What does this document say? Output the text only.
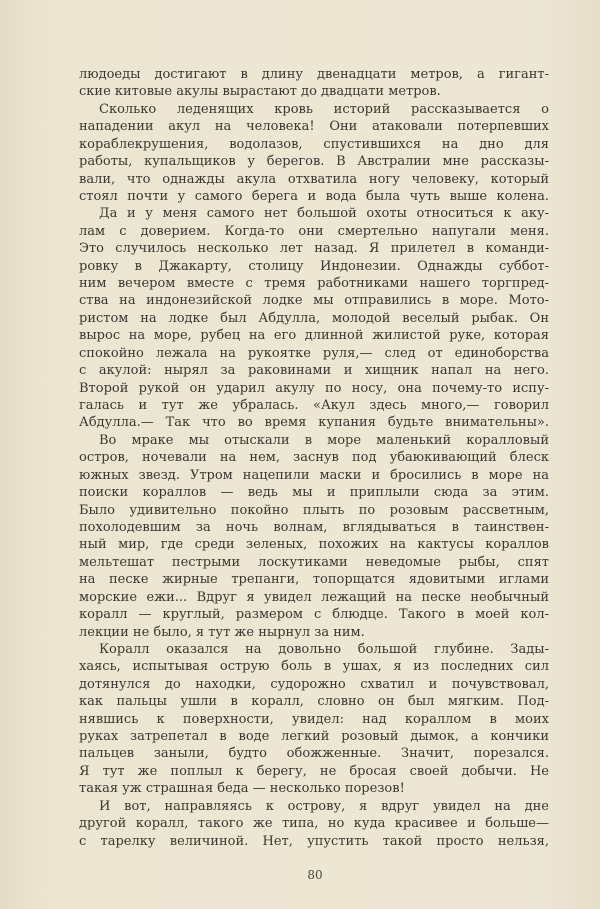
людоеды достигают в длину двенадцати метров, а гигант-
ские китовые акулы вырастают до двадцати метров.
Сколько леденящих кровь историй рассказывается о
нападении акул на человека! Они атаковали потерпевших
кораблекрушения, водолазов, спустившихся на дно для
работы, купальщиков у берегов. В Австралии мне рассказы-
вали, что однажды акула отхватила ногу человеку, который
стоял почти у самого берега и вода была чуть выше колена.
Да и у меня самого нет большой охоты относиться к аку-
лам с доверием. Когда-то они смертельно напугали меня.
Это случилось несколько лет назад. Я прилетел в команди-
ровку в Джакарту, столицу Индонезии. Однажды суббот-
ним вечером вместе с тремя работниками нашего торгпред-
ства на индонезийской лодке мы отправились в море. Мото-
ристом на лодке был Абдулла, молодой веселый рыбак. Он
вырос на море, рубец на его длинной жилистой руке, которая
спокойно лежала на рукоятке руля,— след от единоборства
с акулой: нырял за раковинами и хищник напал на него.
Второй рукой он ударил акулу по носу, она почему-то испу-
галась и тут же убралась. «Акул здесь много,— говорил
Абдулла.— Так что во время купания будьте внимательны».
Во мраке мы отыскали в море маленький коралловый
остров, ночевали на нем, заснув под убаюкивающий блеск
южных звезд. Утром нацепили маски и бросились в море на
поиски кораллов — ведь мы и приплыли сюда за этим.
Было удивительно покойно плыть по розовым рассветным,
похолодевшим за ночь волнам, вглядываться в таинствен-
ный мир, где среди зеленых, похожих на кактусы кораллов
мельтешат пестрыми лоскутиками неведомые рыбы, спят
на песке жирные трепанги, топорщатся ядовитыми иглами
морские ежи... Вдруг я увидел лежащий на песке необычный
коралл — круглый, размером с блюдце. Такого в моей кол-
лекции не было, я тут же нырнул за ним.
Коралл оказался на довольно большой глубине. Зады-
хаясь, испытывая острую боль в ушах, я из последних сил
дотянулся до находки, судорожно схватил и почувствовал,
как пальцы ушли в коралл, словно он был мягким. Под-
нявшись к поверхности, увидел: над кораллом в моих
руках затрепетал в воде легкий розовый дымок, а кончики
пальцев заныли, будто обожженные. Значит, порезался.
Я тут же поплыл к берегу, не бросая своей добычи. Не
такая уж страшная беда — несколько порезов!
И вот, направляясь к острову, я вдруг увидел на дне
другой коралл, такого же типа, но куда красивее и больше—
с тарелку величиной. Нет, упустить такой просто нельзя,
80
